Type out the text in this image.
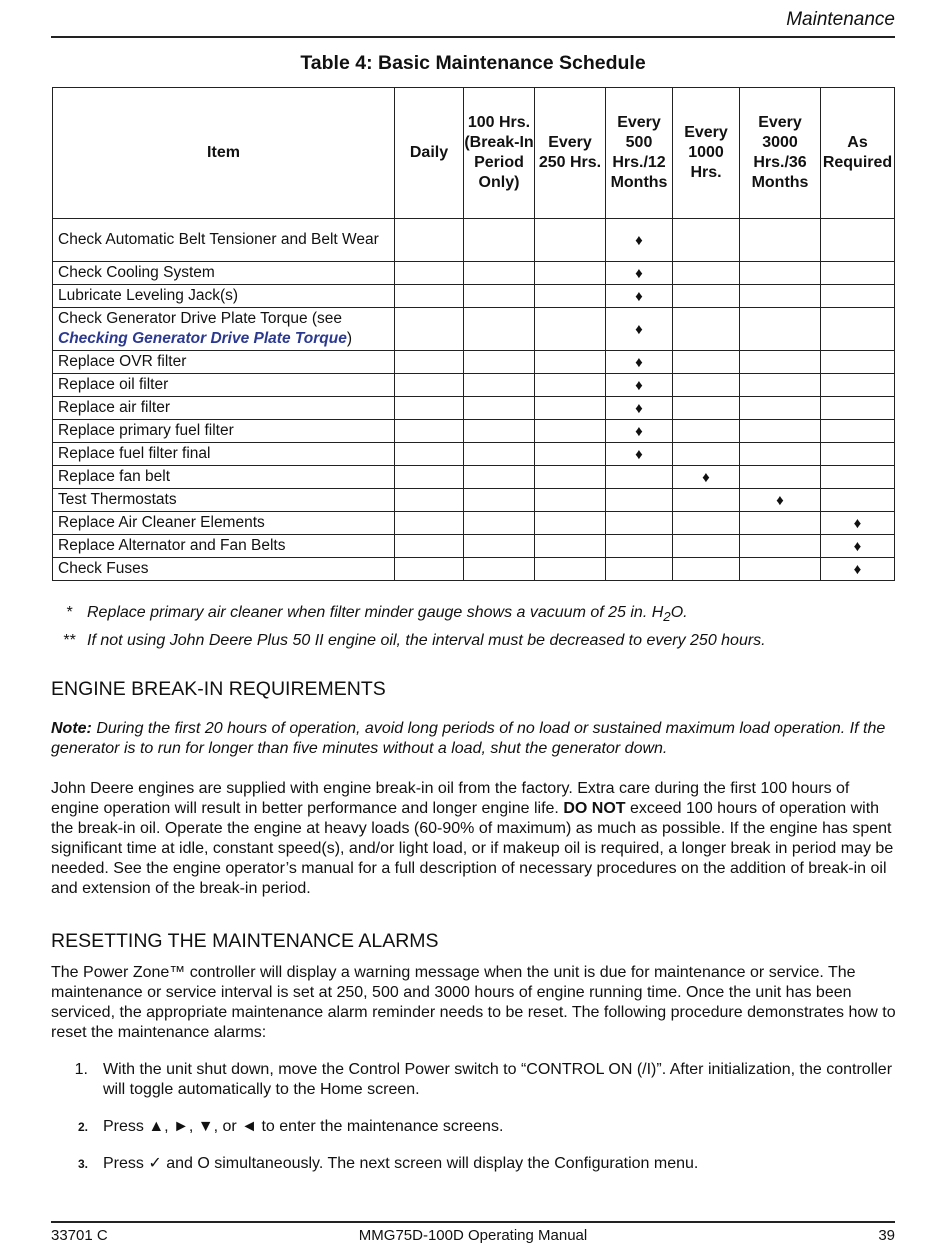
Maintenance
Table 4: Basic Maintenance Schedule
Item	Daily	100 Hrs. (Break-In Period Only)	Every 250 Hrs.	Every 500 Hrs./12 Months	Every 1000 Hrs.	Every 3000 Hrs./36 Months	As Required
Check Automatic Belt Tensioner and Belt Wear				♦			
Check Cooling System				♦			
Lubricate Leveling Jack(s)				♦			
Check Generator Drive Plate Torque (see Checking Generator Drive Plate Torque)				♦			
Replace OVR filter				♦			
Replace oil filter				♦			
Replace air filter				♦			
Replace primary fuel filter				♦			
Replace fuel filter final				♦			
Replace fan belt					♦		
Test Thermostats						♦	
Replace Air Cleaner Elements							♦
Replace Alternator and Fan Belts							♦
Check Fuses							♦
* Replace primary air cleaner when filter minder gauge shows a vacuum of 25 in. $H_2O$.
** If not using John Deere Plus 50 II engine oil, the interval must be decreased to every 250 hours.
ENGINE BREAK-IN REQUIREMENTS
Note: During the first 20 hours of operation, avoid long periods of no load or sustained maximum load operation. If the generator is to run for longer than five minutes without a load, shut the generator down.
John Deere engines are supplied with engine break-in oil from the factory. Extra care during the first 100 hours of engine operation will result in better performance and longer engine life. DO NOT exceed 100 hours of operation with the break-in oil. Operate the engine at heavy loads (60-90% of maximum) as much as possible. If the engine has spent significant time at idle, constant speed(s), and/or light load, or if makeup oil is required, a longer break in period may be needed. See the engine operator’s manual for a full description of necessary procedures on the addition of break-in oil and extension of the break-in period.
RESETTING THE MAINTENANCE ALARMS
The Power Zone™ controller will display a warning message when the unit is due for maintenance or service. The maintenance or service interval is set at 250, 500 and 3000 hours of engine running time. Once the unit has been serviced, the appropriate maintenance alarm reminder needs to be reset. The following procedure demonstrates how to reset the maintenance alarms:
1. With the unit shut down, move the Control Power switch to “CONTROL ON (/I)”. After initialization, the controller will toggle automatically to the Home screen.
2. Press ▲, ►, ▼, or ◄ to enter the maintenance screens.
3. Press ✓ and O simultaneously. The next screen will display the Configuration menu.
33701 C	MMG75D-100D Operating Manual	39
